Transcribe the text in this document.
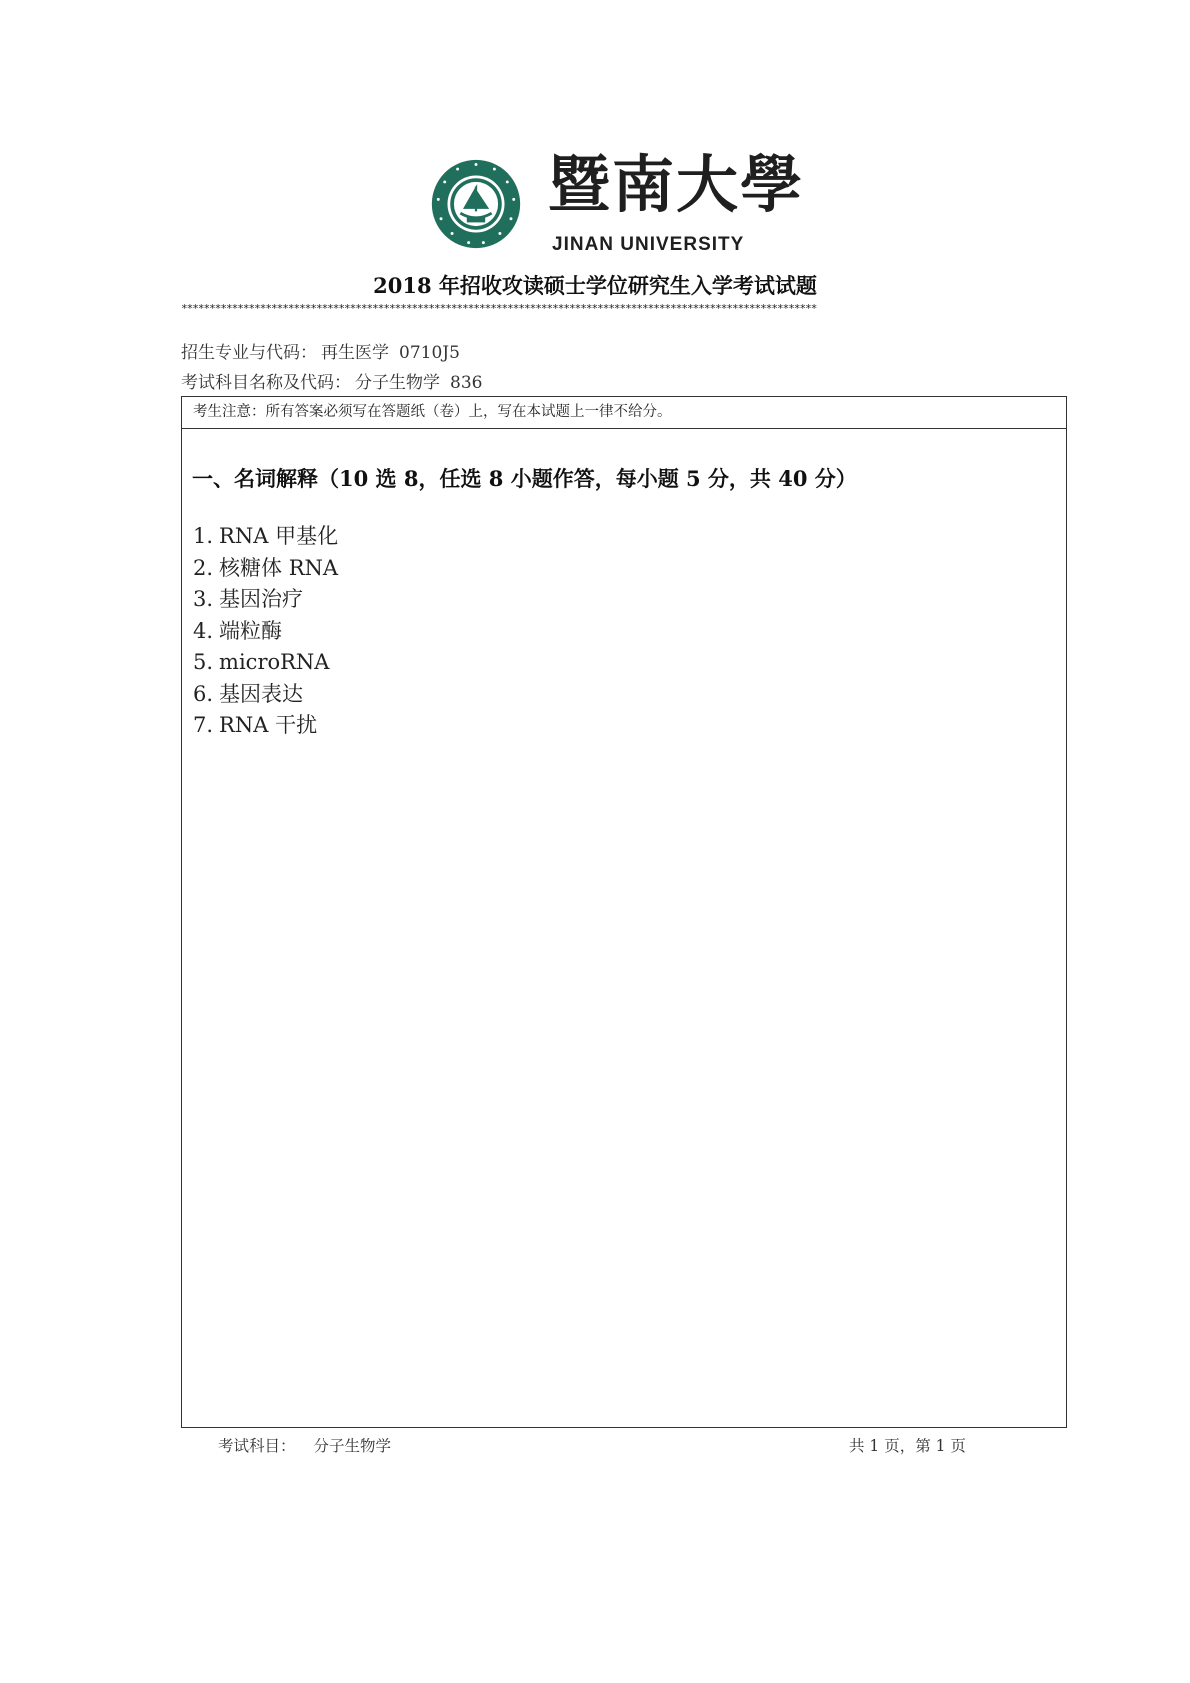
暨南大學
JINAN UNIVERSITY
2018 年招收攻读硕士学位研究生入学考试试题
*****************************************************************************************************************
招生专业与代码： 再生医学 0710J5
考试科目名称及代码： 分子生物学 836
考生注意：所有答案必须写在答题纸（卷）上，写在本试题上一律不给分。
一、名词解释（10 选 8，任选 8 小题作答，每小题 5 分，共 40 分）
1. RNA 甲基化
2. 核糖体 RNA
3. 基因治疗
4. 端粒酶
5. microRNA
6. 基因表达
7. RNA 干扰
考试科目： 分子生物学	共 1 页，第 1 页
